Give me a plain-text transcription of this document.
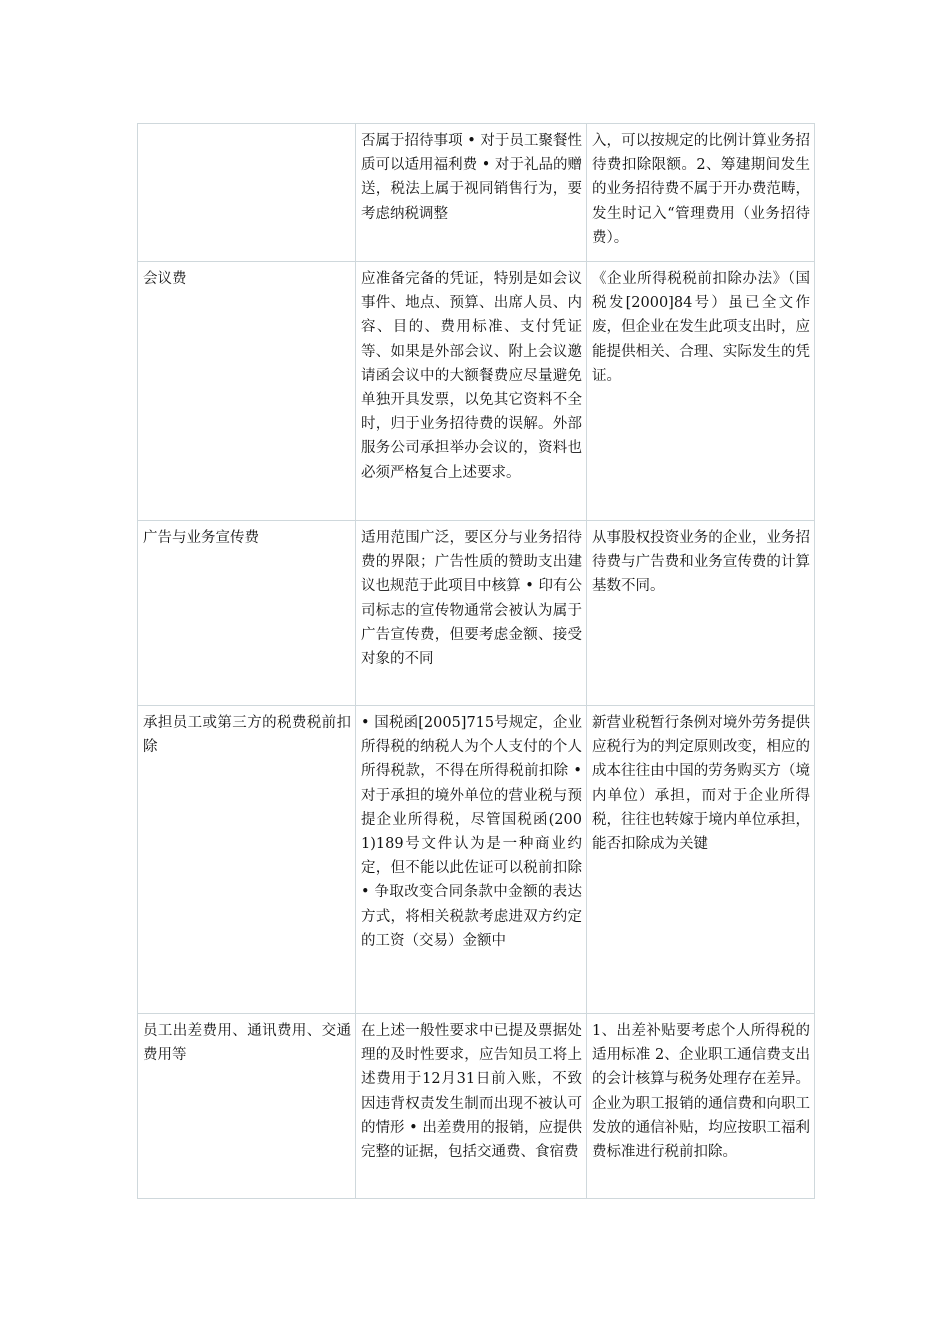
	否属于招待事项 • 对于员工聚餐性质可以适用福利费 • 对于礼品的赠送，税法上属于视同销售行为，要考虑纳税调整	入，可以按规定的比例计算业务招待费扣除限额。2、筹建期间发生的业务招待费不属于开办费范畴，发生时记入“管理费用（业务招待费）。
会议费	应准备完备的凭证，特别是如会议事件、地点、预算、出席人员、内容、目的、费用标准、支付凭证等、如果是外部会议、附上会议邀请函会议中的大额餐费应尽量避免单独开具发票，以免其它资料不全时，归于业务招待费的误解。外部服务公司承担举办会议的，资料也必须严格复合上述要求。	《企业所得税税前扣除办法》（国税发[2000]84号）虽已全文作废，但企业在发生此项支出时，应能提供相关、合理、实际发生的凭证。
广告与业务宣传费	适用范围广泛，要区分与业务招待费的界限；广告性质的赞助支出建议也规范于此项目中核算 • 印有公司标志的宣传物通常会被认为属于广告宣传费，但要考虑金额、接受对象的不同	从事股权投资业务的企业，业务招待费与广告费和业务宣传费的计算基数不同。
承担员工或第三方的税费税前扣除	• 国税函[2005]715号规定，企业所得税的纳税人为个人支付的个人所得税款，不得在所得税前扣除 • 对于承担的境外单位的营业税与预提企业所得税，尽管国税函(2001)189号文件认为是一种商业约定，但不能以此佐证可以税前扣除 • 争取改变合同条款中金额的表达方式，将相关税款考虑进双方约定的工资（交易）金额中	新营业税暂行条例对境外劳务提供应税行为的判定原则改变，相应的成本往往由中国的劳务购买方（境内单位）承担，而对于企业所得税，往往也转嫁于境内单位承担，能否扣除成为关键
员工出差费用、通讯费用、交通费用等	在上述一般性要求中已提及票据处理的及时性要求，应告知员工将上述费用于12月31日前入账，不致因违背权责发生制而出现不被认可的情形 • 出差费用的报销，应提供完整的证据，包括交通费、食宿费	1、出差补贴要考虑个人所得税的适用标准 2、企业职工通信费支出的会计核算与税务处理存在差异。企业为职工报销的通信费和向职工发放的通信补贴，均应按职工福利费标准进行税前扣除。
